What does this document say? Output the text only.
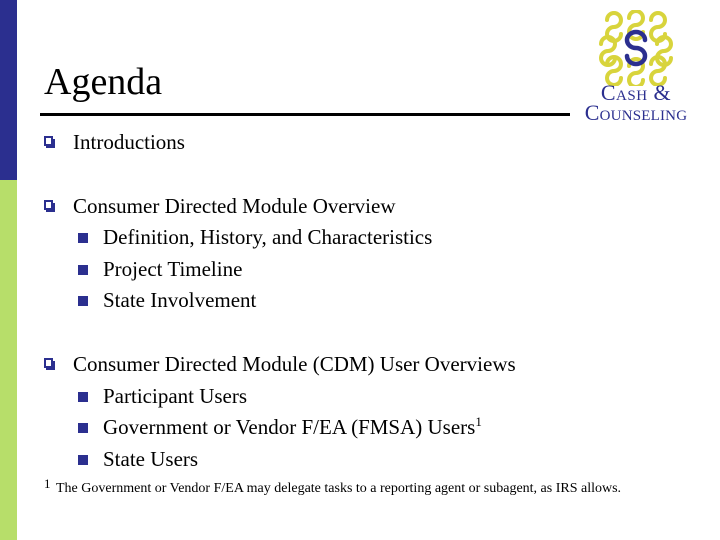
Agenda	Cash &
Counseling
Introductions
Consumer Directed Module Overview
Definition, History, and Characteristics
Project Timeline
State Involvement
Consumer Directed Module (CDM) User Overviews
Participant Users
Government or Vendor F/EA (FMSA) Users$^1$
State Users
1 The Government or Vendor F/EA may delegate tasks to a reporting agent or subagent, as IRS allows.
